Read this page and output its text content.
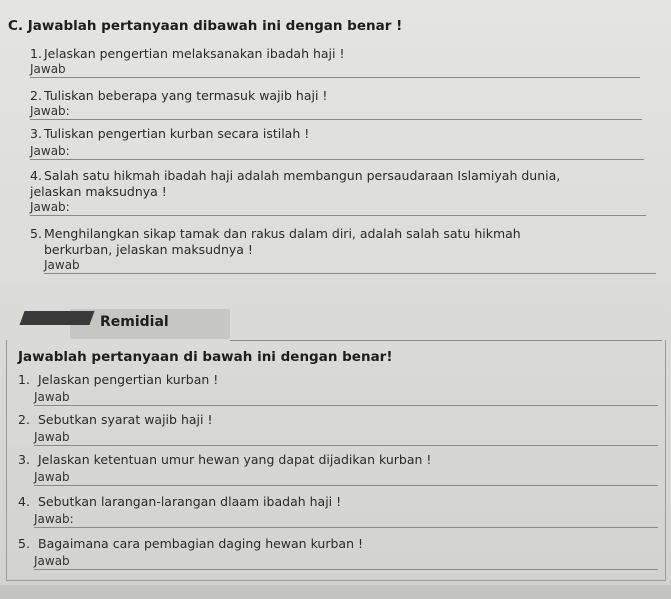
C. Jawablah pertanyaan dibawah ini dengan benar !
1. Jelaskan pengertian melaksanakan ibadah haji !
Jawab
2. Tuliskan beberapa yang termasuk wajib haji !
Jawab:
3. Tuliskan pengertian kurban secara istilah !
Jawab:
4. Salah satu hikmah ibadah haji adalah membangun persaudaraan Islamiyah dunia,
jelaskan maksudnya !
Jawab:
5. Menghilangkan sikap tamak dan rakus dalam diri, adalah salah satu hikmah
berkurban, jelaskan maksudnya !
Jawab
Remidial
Jawablah pertanyaan di bawah ini dengan benar!
1. Jelaskan pengertian kurban !
Jawab
2. Sebutkan syarat wajib haji !
Jawab
3. Jelaskan ketentuan umur hewan yang dapat dijadikan kurban !
Jawab
4. Sebutkan larangan-larangan dlaam ibadah haji !
Jawab:
5. Bagaimana cara pembagian daging hewan kurban !
Jawab
